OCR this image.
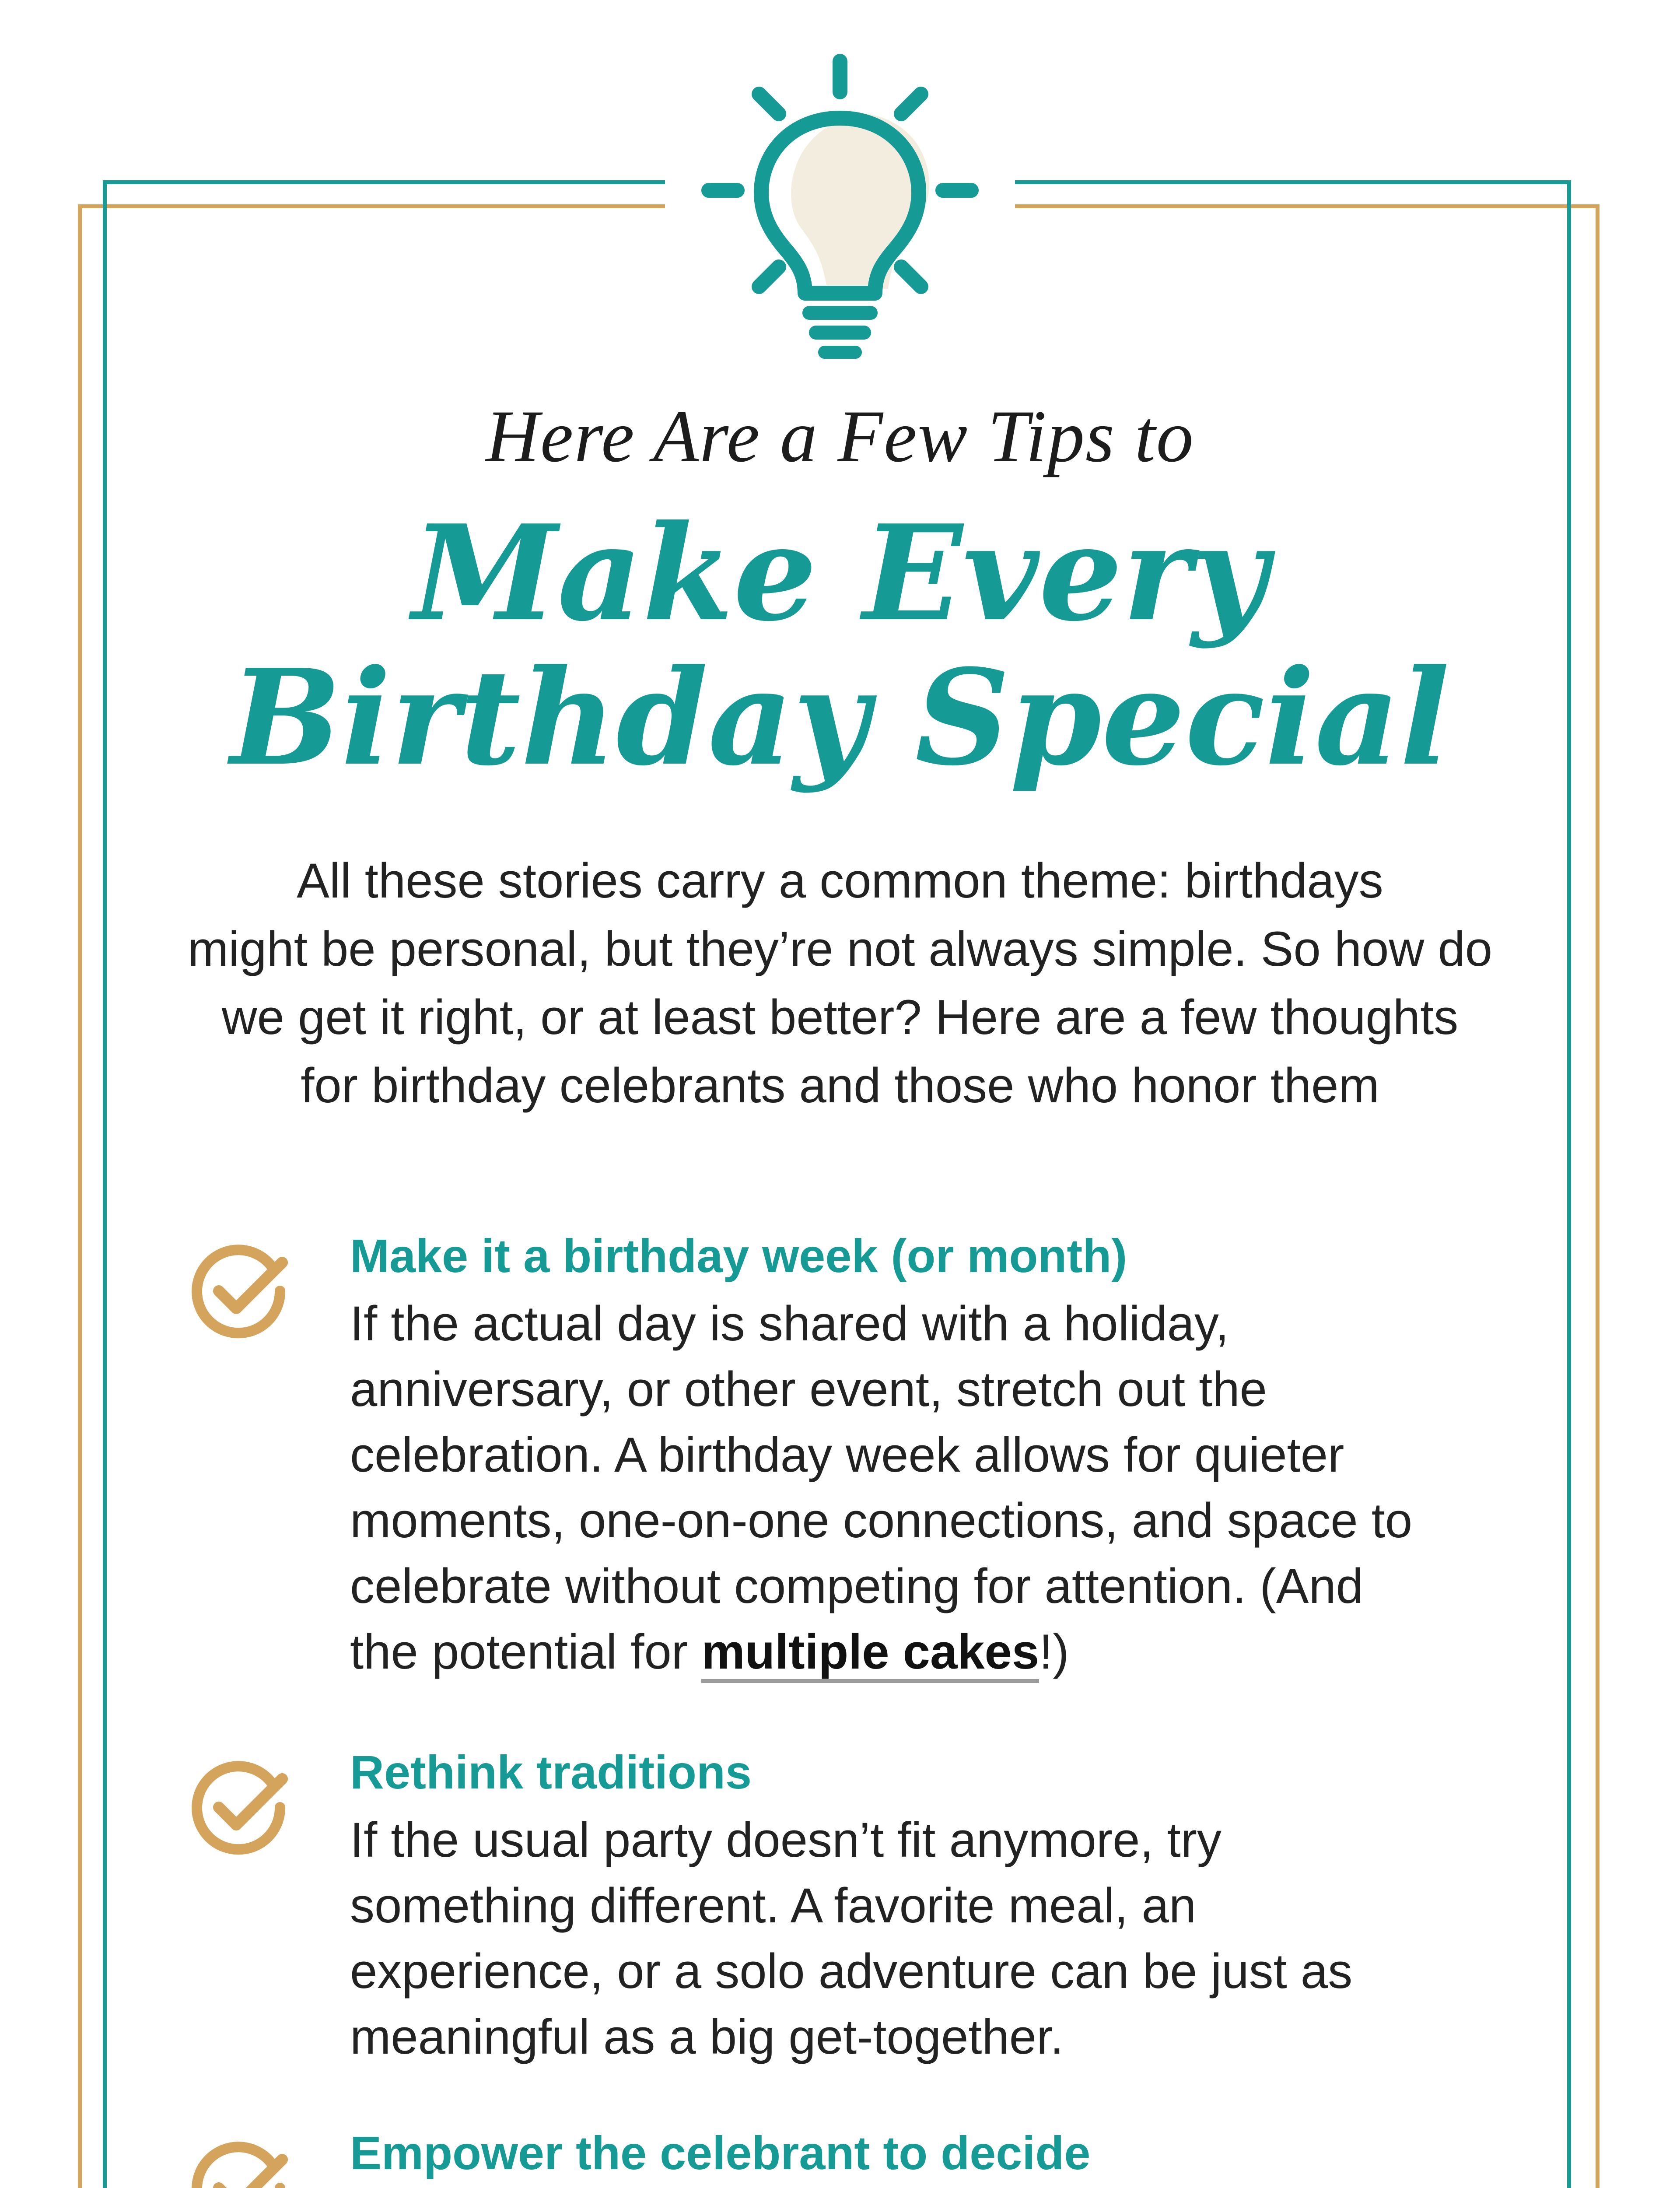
Here Are a Few Tips to
Make Every
Birthday Special
All these stories carry a common theme: birthdays
might be personal, but they’re not always simple. So how do
we get it right, or at least better? Here are a few thoughts
for birthday celebrants and those who honor them
Make it a birthday week (or month)
If the actual day is shared with a holiday,
anniversary, or other event, stretch out the
celebration. A birthday week allows for quieter
moments, one-on-one connections, and space to
celebrate without competing for attention. (And
the potential for multiple cakes!)
Rethink traditions
If the usual party doesn’t fit anymore, try
something different. A favorite meal, an
experience, or a solo adventure can be just as
meaningful as a big get-together.
Empower the celebrant to decide
